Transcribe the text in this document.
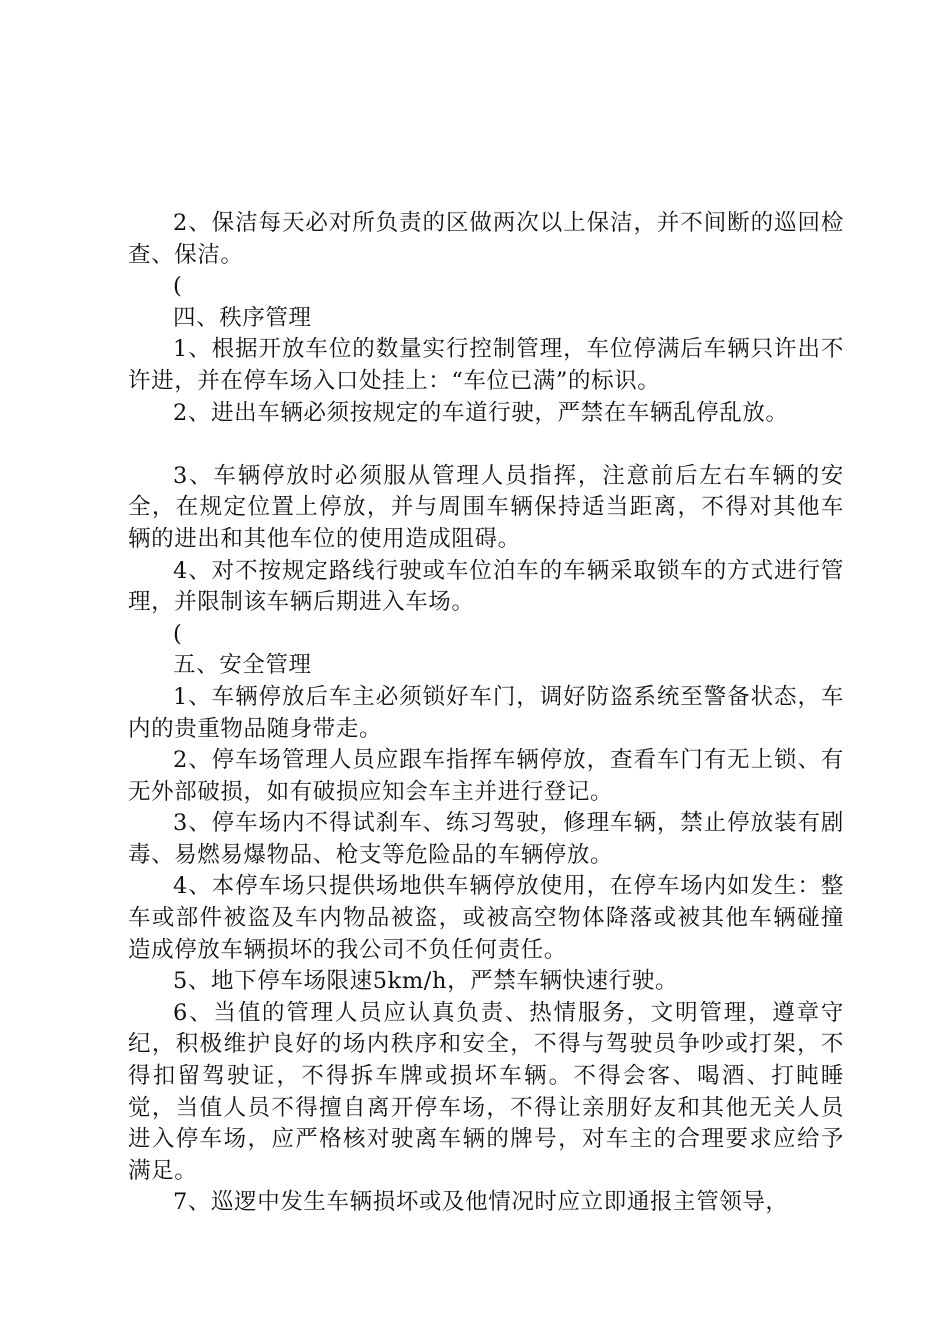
2、保洁每天必对所负责的区做两次以上保洁，并不间断的巡回检查、保洁。

(

四、秩序管理

1、根据开放车位的数量实行控制管理，车位停满后车辆只许出不许进，并在停车场入口处挂上：“车位已满”的标识。

2、进出车辆必须按规定的车道行驶，严禁在车辆乱停乱放。

3、车辆停放时必须服从管理人员指挥，注意前后左右车辆的安全，在规定位置上停放，并与周围车辆保持适当距离，不得对其他车辆的进出和其他车位的使用造成阻碍。

4、对不按规定路线行驶或车位泊车的车辆采取锁车的方式进行管理，并限制该车辆后期进入车场。

(

五、安全管理

1、车辆停放后车主必须锁好车门，调好防盗系统至警备状态，车内的贵重物品随身带走。

2、停车场管理人员应跟车指挥车辆停放，查看车门有无上锁、有无外部破损，如有破损应知会车主并进行登记。

3、停车场内不得试刹车、练习驾驶，修理车辆，禁止停放装有剧毒、易燃易爆物品、枪支等危险品的车辆停放。

4、本停车场只提供场地供车辆停放使用，在停车场内如发生：整车或部件被盗及车内物品被盗，或被高空物体降落或被其他车辆碰撞造成停放车辆损坏的我公司不负任何责任。

5、地下停车场限速5km/h，严禁车辆快速行驶。

6、当值的管理人员应认真负责、热情服务，文明管理，遵章守纪，积极维护良好的场内秩序和安全，不得与驾驶员争吵或打架，不得扣留驾驶证，不得拆车牌或损坏车辆。不得会客、喝酒、打盹睡觉，当值人员不得擅自离开停车场，不得让亲朋好友和其他无关人员进入停车场，应严格核对驶离车辆的牌号，对车主的合理要求应给予满足。

7、巡逻中发生车辆损坏或及他情况时应立即通报主管领导，
